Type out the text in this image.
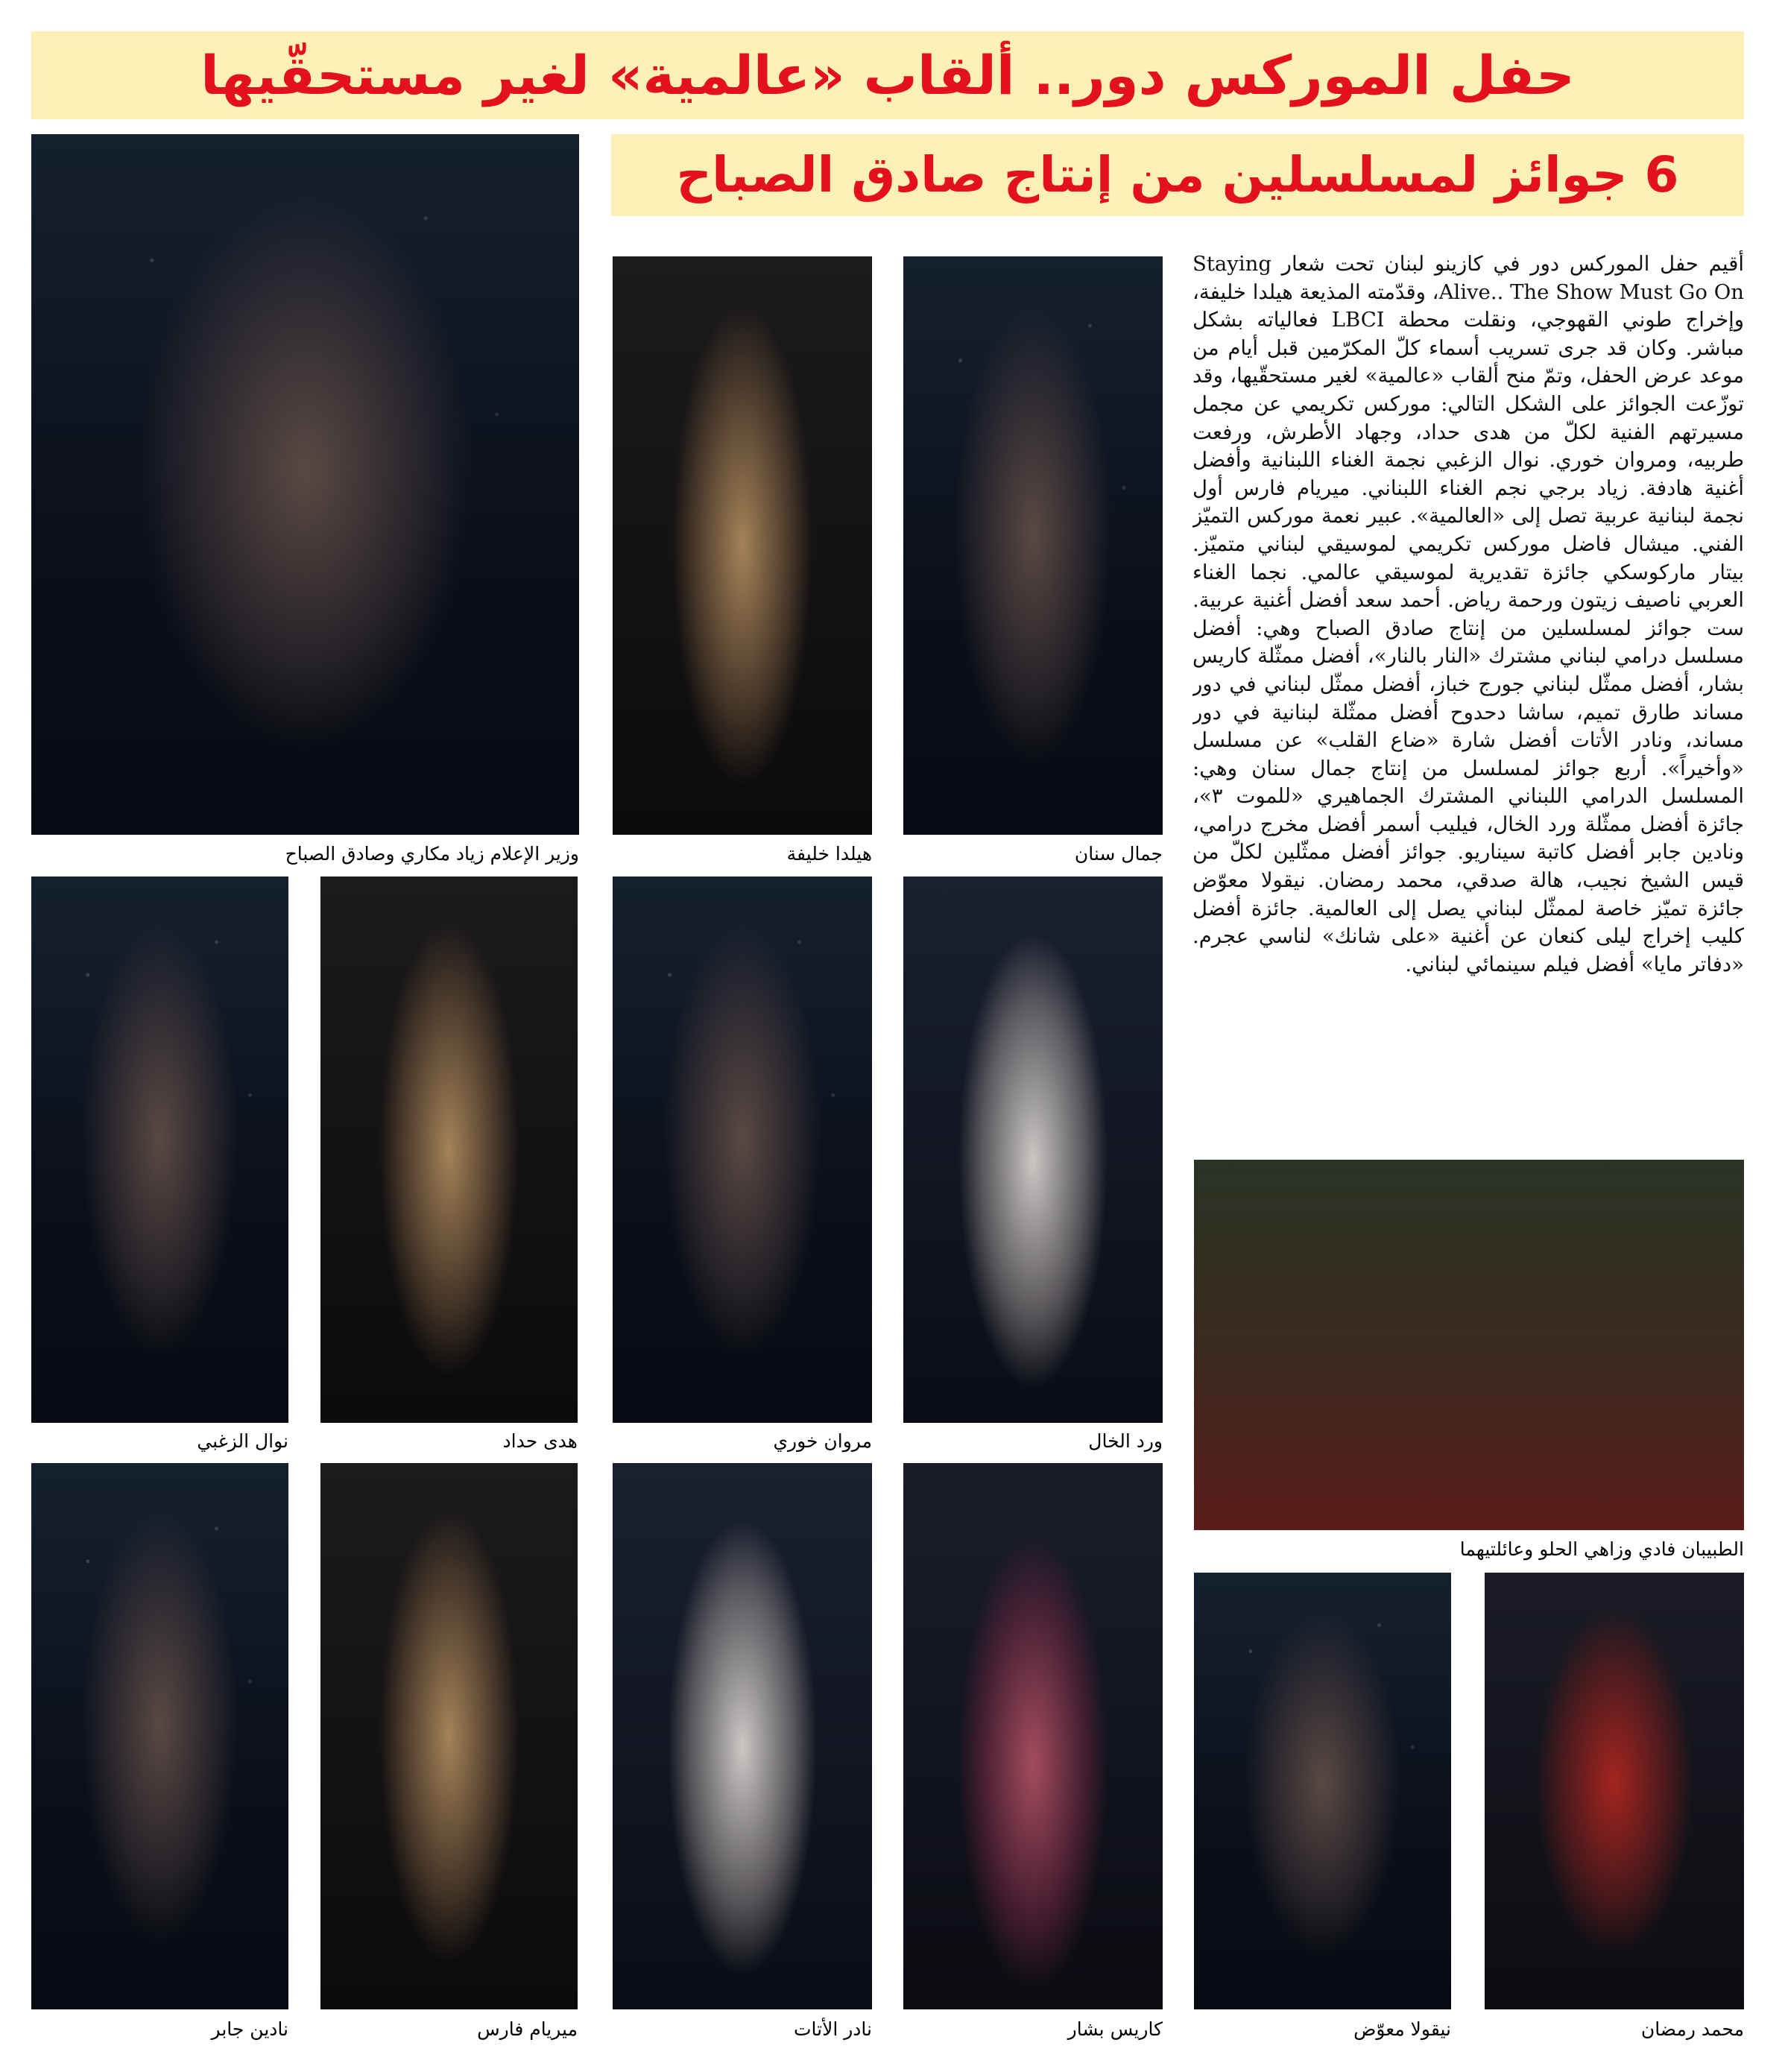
حفل الموركس دور.. ألقاب «عالمية» لغير مستحقّيها
6 جوائز لمسلسلين من إنتاج صادق الصباح

أُقيم حفل الموركس دور في كازينو لبنان تحت شعار Staying Alive.. The Show Must Go On، وقدّمته المذيعة هيلدا خليفة، وإخراج طوني القهوجي، ونقلت محطة LBCI فعالياته بشكل مباشر. وكان قد جرى تسريب أسماء كلّ المكرّمين قبل أيام من موعد عرض الحفل، وتمّ منح ألقاب «عالمية» لغير مستحقّيها، وقد توزّعت الجوائز على الشكل التالي: موركس تكريمي عن مجمل مسيرتهم الفنية لكلّ من هدى حداد، وجهاد الأطرش، ورفعت طربيه، ومروان خوري. نوال الزغبي نجمة الغناء اللبنانية وأفضل أغنية هادفة. زياد برجي نجم الغناء اللبناني. ميريام فارس أول نجمة لبنانية عربية تصل إلى «العالمية». عبير نعمة موركس التميّز الفني. ميشال فاضل موركس تكريمي لموسيقي لبناني متميّز. بيتار ماركوسكي جائزة تقديرية لموسيقي عالمي. نجما الغناء العربي ناصيف زيتون ورحمة رياض. أحمد سعد أفضل أغنية عربية. ست جوائز لمسلسلين من إنتاج صادق الصباح وهي: أفضل مسلسل درامي لبناني مشترك «النار بالنار»، أفضل ممثّلة كاريس بشار، أفضل ممثّل لبناني جورج خباز، أفضل ممثّل لبناني في دور مساند طارق تميم، ساشا دحدوح أفضل ممثّلة لبنانية في دور مساند، ونادر الأتات أفضل شارة «ضاع القلب» عن مسلسل «وأخيراً». أربع جوائز لمسلسل من إنتاج جمال سنان وهي: المسلسل الدرامي اللبناني المشترك الجماهيري «للموت ٣»، جائزة أفضل ممثّلة ورد الخال، فيليب أسمر أفضل مخرج درامي، ونادين جابر أفضل كاتبة سيناريو. جوائز أفضل ممثّلين لكلّ من قيس الشيخ نجيب، هالة صدقي، محمد رمضان. نيقولا معوّض جائزة تميّز خاصة لممثّل لبناني يصل إلى العالمية. جائزة أفضل كليب إخراج ليلى كنعان عن أغنية «على شانك» لناسي عجرم. «دفاتر مايا» أفضل فيلم سينمائي لبناني.

وزير الإعلام زياد مكاري وصادق الصباح	هيلدا خليفة	جمال سنان
نوال الزغبي	هدى حداد	مروان خوري	ورد الخال
الطبيبان فادي وزاهي الحلو وعائلتيهما
نادين جابر	ميريام فارس	نادر الأتات	كاريس بشار	نيقولا معوّض	محمد رمضان
